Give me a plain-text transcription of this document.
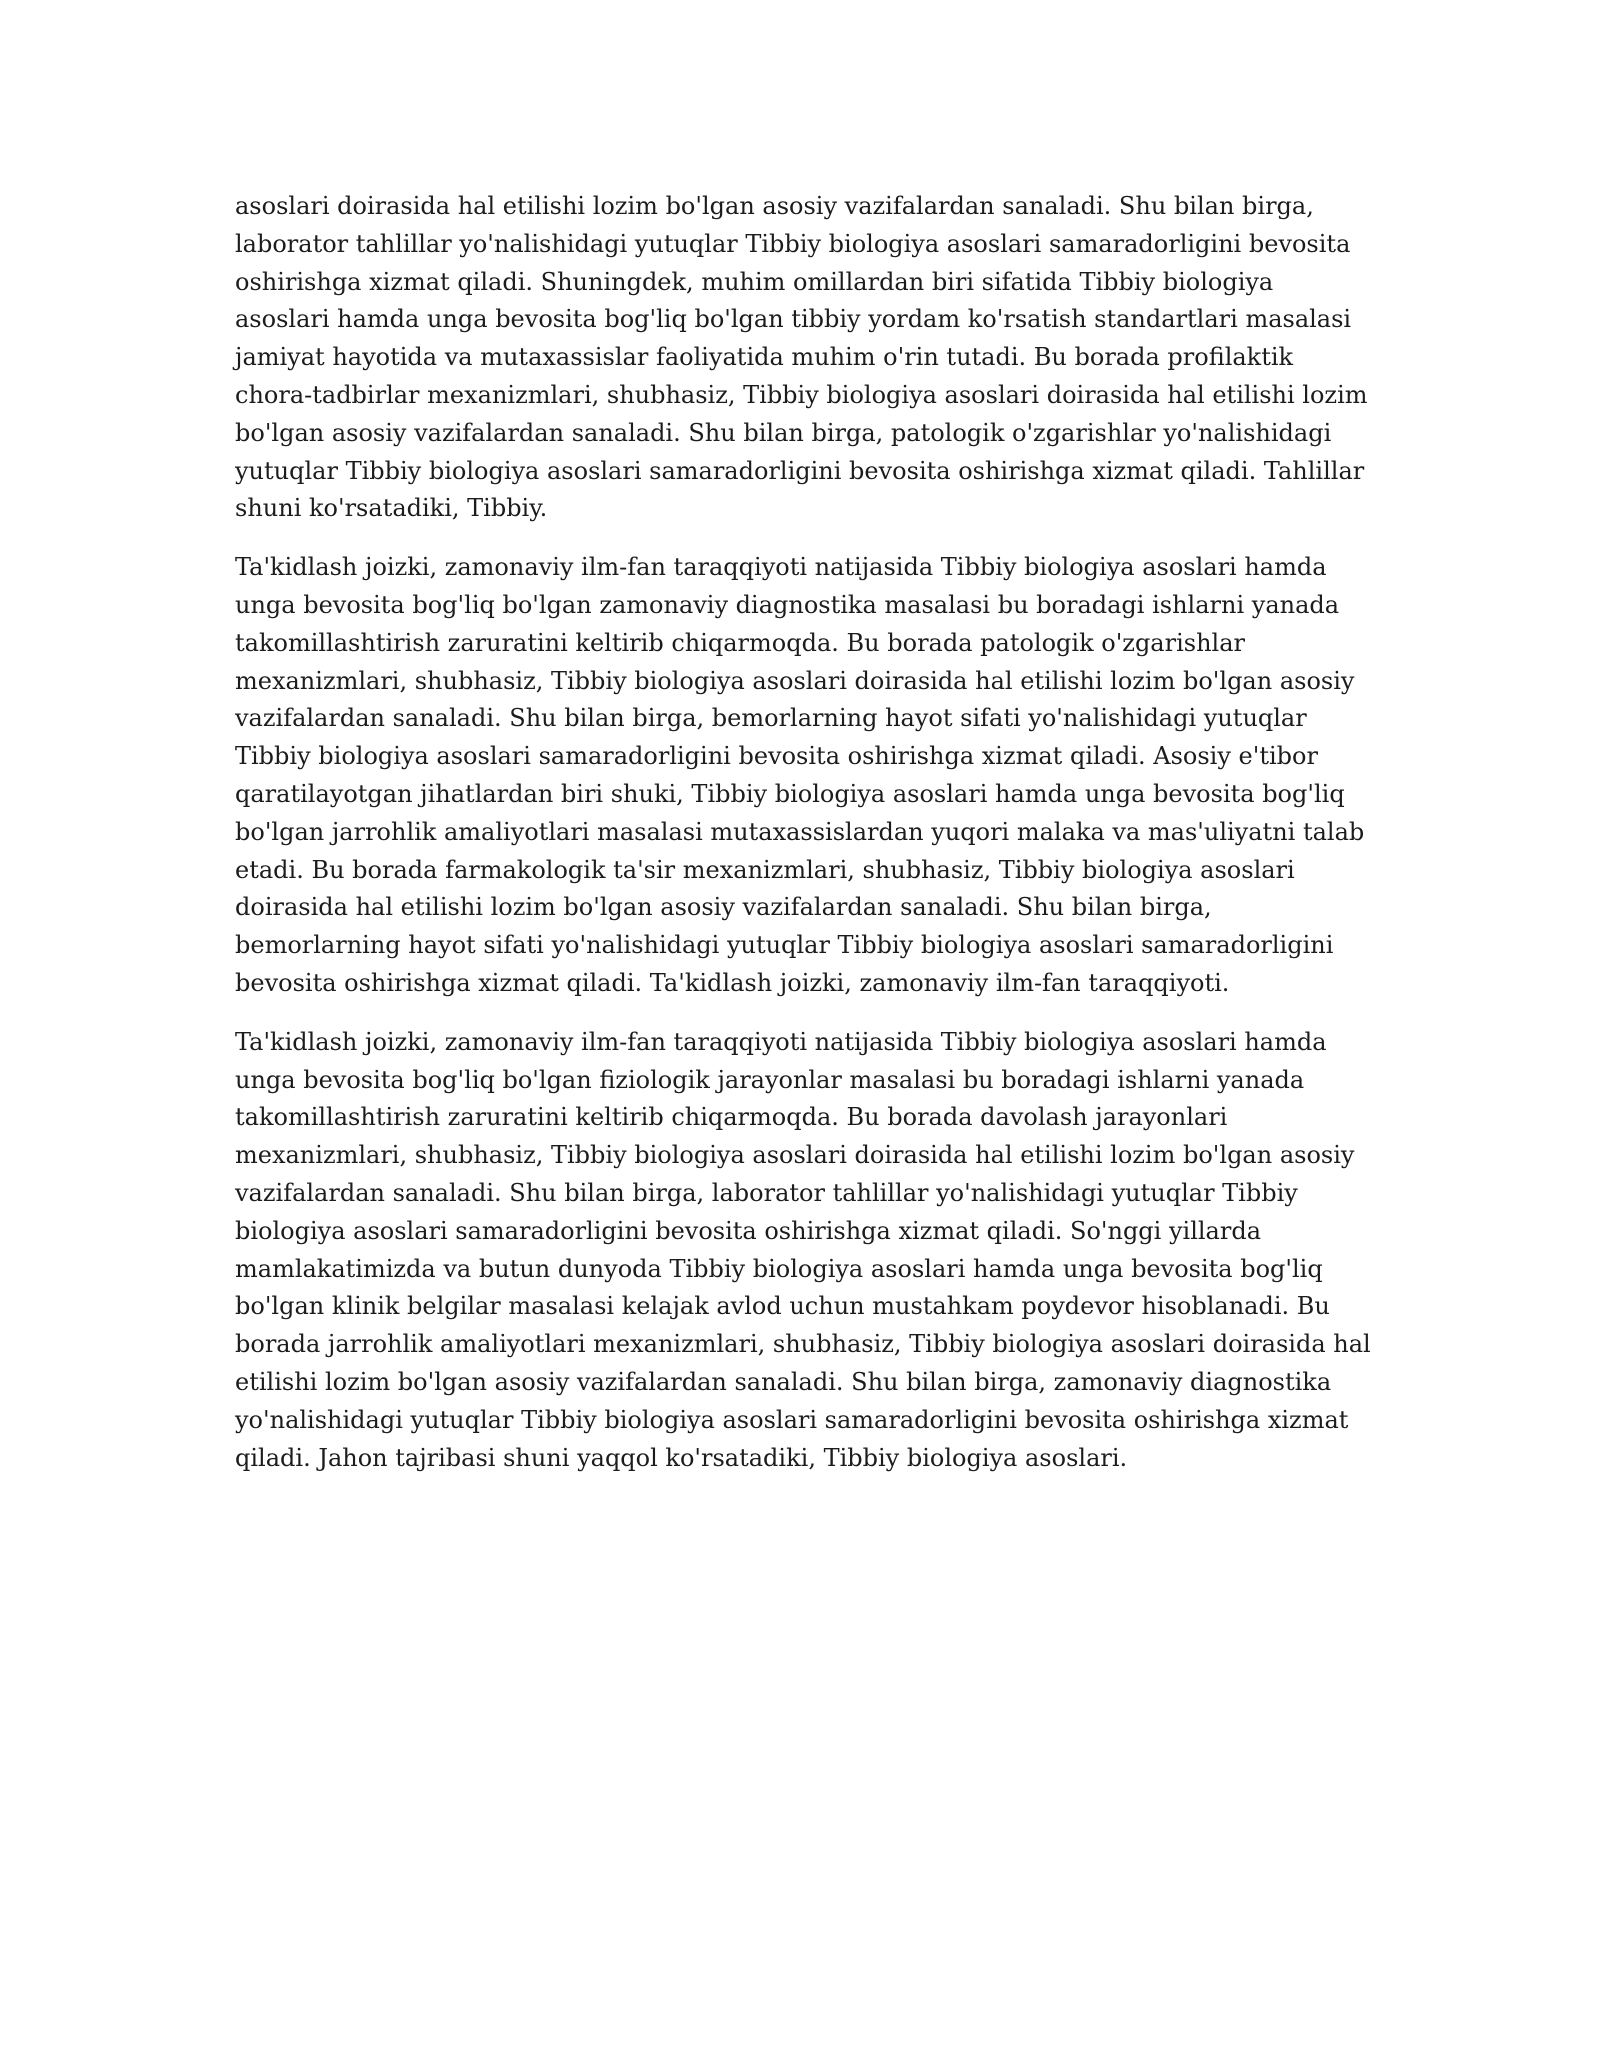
asoslari doirasida hal etilishi lozim bo'lgan asosiy vazifalardan sanaladi. Shu bilan birga, laborator tahlillar yo'nalishidagi yutuqlar Tibbiy biologiya asoslari samaradorligini bevosita oshirishga xizmat qiladi. Shuningdek, muhim omillardan biri sifatida Tibbiy biologiya asoslari hamda unga bevosita bog'liq bo'lgan tibbiy yordam ko'rsatish standartlari masalasi jamiyat hayotida va mutaxassislar faoliyatida muhim o'rin tutadi. Bu borada profilaktik chora-tadbirlar mexanizmlari, shubhasiz, Tibbiy biologiya asoslari doirasida hal etilishi lozim bo'lgan asosiy vazifalardan sanaladi. Shu bilan birga, patologik o'zgarishlar yo'nalishidagi yutuqlar Tibbiy biologiya asoslari samaradorligini bevosita oshirishga xizmat qiladi. Tahlillar shuni ko'rsatadiki, Tibbiy.

Ta'kidlash joizki, zamonaviy ilm-fan taraqqiyoti natijasida Tibbiy biologiya asoslari hamda unga bevosita bog'liq bo'lgan zamonaviy diagnostika masalasi bu boradagi ishlarni yanada takomillashtirish zaruratini keltirib chiqarmoqda. Bu borada patologik o'zgarishlar mexanizmlari, shubhasiz, Tibbiy biologiya asoslari doirasida hal etilishi lozim bo'lgan asosiy vazifalardan sanaladi. Shu bilan birga, bemorlarning hayot sifati yo'nalishidagi yutuqlar Tibbiy biologiya asoslari samaradorligini bevosita oshirishga xizmat qiladi. Asosiy e'tibor qaratilayotgan jihatlardan biri shuki, Tibbiy biologiya asoslari hamda unga bevosita bog'liq bo'lgan jarrohlik amaliyotlari masalasi mutaxassislardan yuqori malaka va mas'uliyatni talab etadi. Bu borada farmakologik ta'sir mexanizmlari, shubhasiz, Tibbiy biologiya asoslari doirasida hal etilishi lozim bo'lgan asosiy vazifalardan sanaladi. Shu bilan birga, bemorlarning hayot sifati yo'nalishidagi yutuqlar Tibbiy biologiya asoslari samaradorligini bevosita oshirishga xizmat qiladi. Ta'kidlash joizki, zamonaviy ilm-fan taraqqiyoti.

Ta'kidlash joizki, zamonaviy ilm-fan taraqqiyoti natijasida Tibbiy biologiya asoslari hamda unga bevosita bog'liq bo'lgan fiziologik jarayonlar masalasi bu boradagi ishlarni yanada takomillashtirish zaruratini keltirib chiqarmoqda. Bu borada davolash jarayonlari mexanizmlari, shubhasiz, Tibbiy biologiya asoslari doirasida hal etilishi lozim bo'lgan asosiy vazifalardan sanaladi. Shu bilan birga, laborator tahlillar yo'nalishidagi yutuqlar Tibbiy biologiya asoslari samaradorligini bevosita oshirishga xizmat qiladi. So'nggi yillarda mamlakatimizda va butun dunyoda Tibbiy biologiya asoslari hamda unga bevosita bog'liq bo'lgan klinik belgilar masalasi kelajak avlod uchun mustahkam poydevor hisoblanadi. Bu borada jarrohlik amaliyotlari mexanizmlari, shubhasiz, Tibbiy biologiya asoslari doirasida hal etilishi lozim bo'lgan asosiy vazifalardan sanaladi. Shu bilan birga, zamonaviy diagnostika yo'nalishidagi yutuqlar Tibbiy biologiya asoslari samaradorligini bevosita oshirishga xizmat qiladi. Jahon tajribasi shuni yaqqol ko'rsatadiki, Tibbiy biologiya asoslari.
